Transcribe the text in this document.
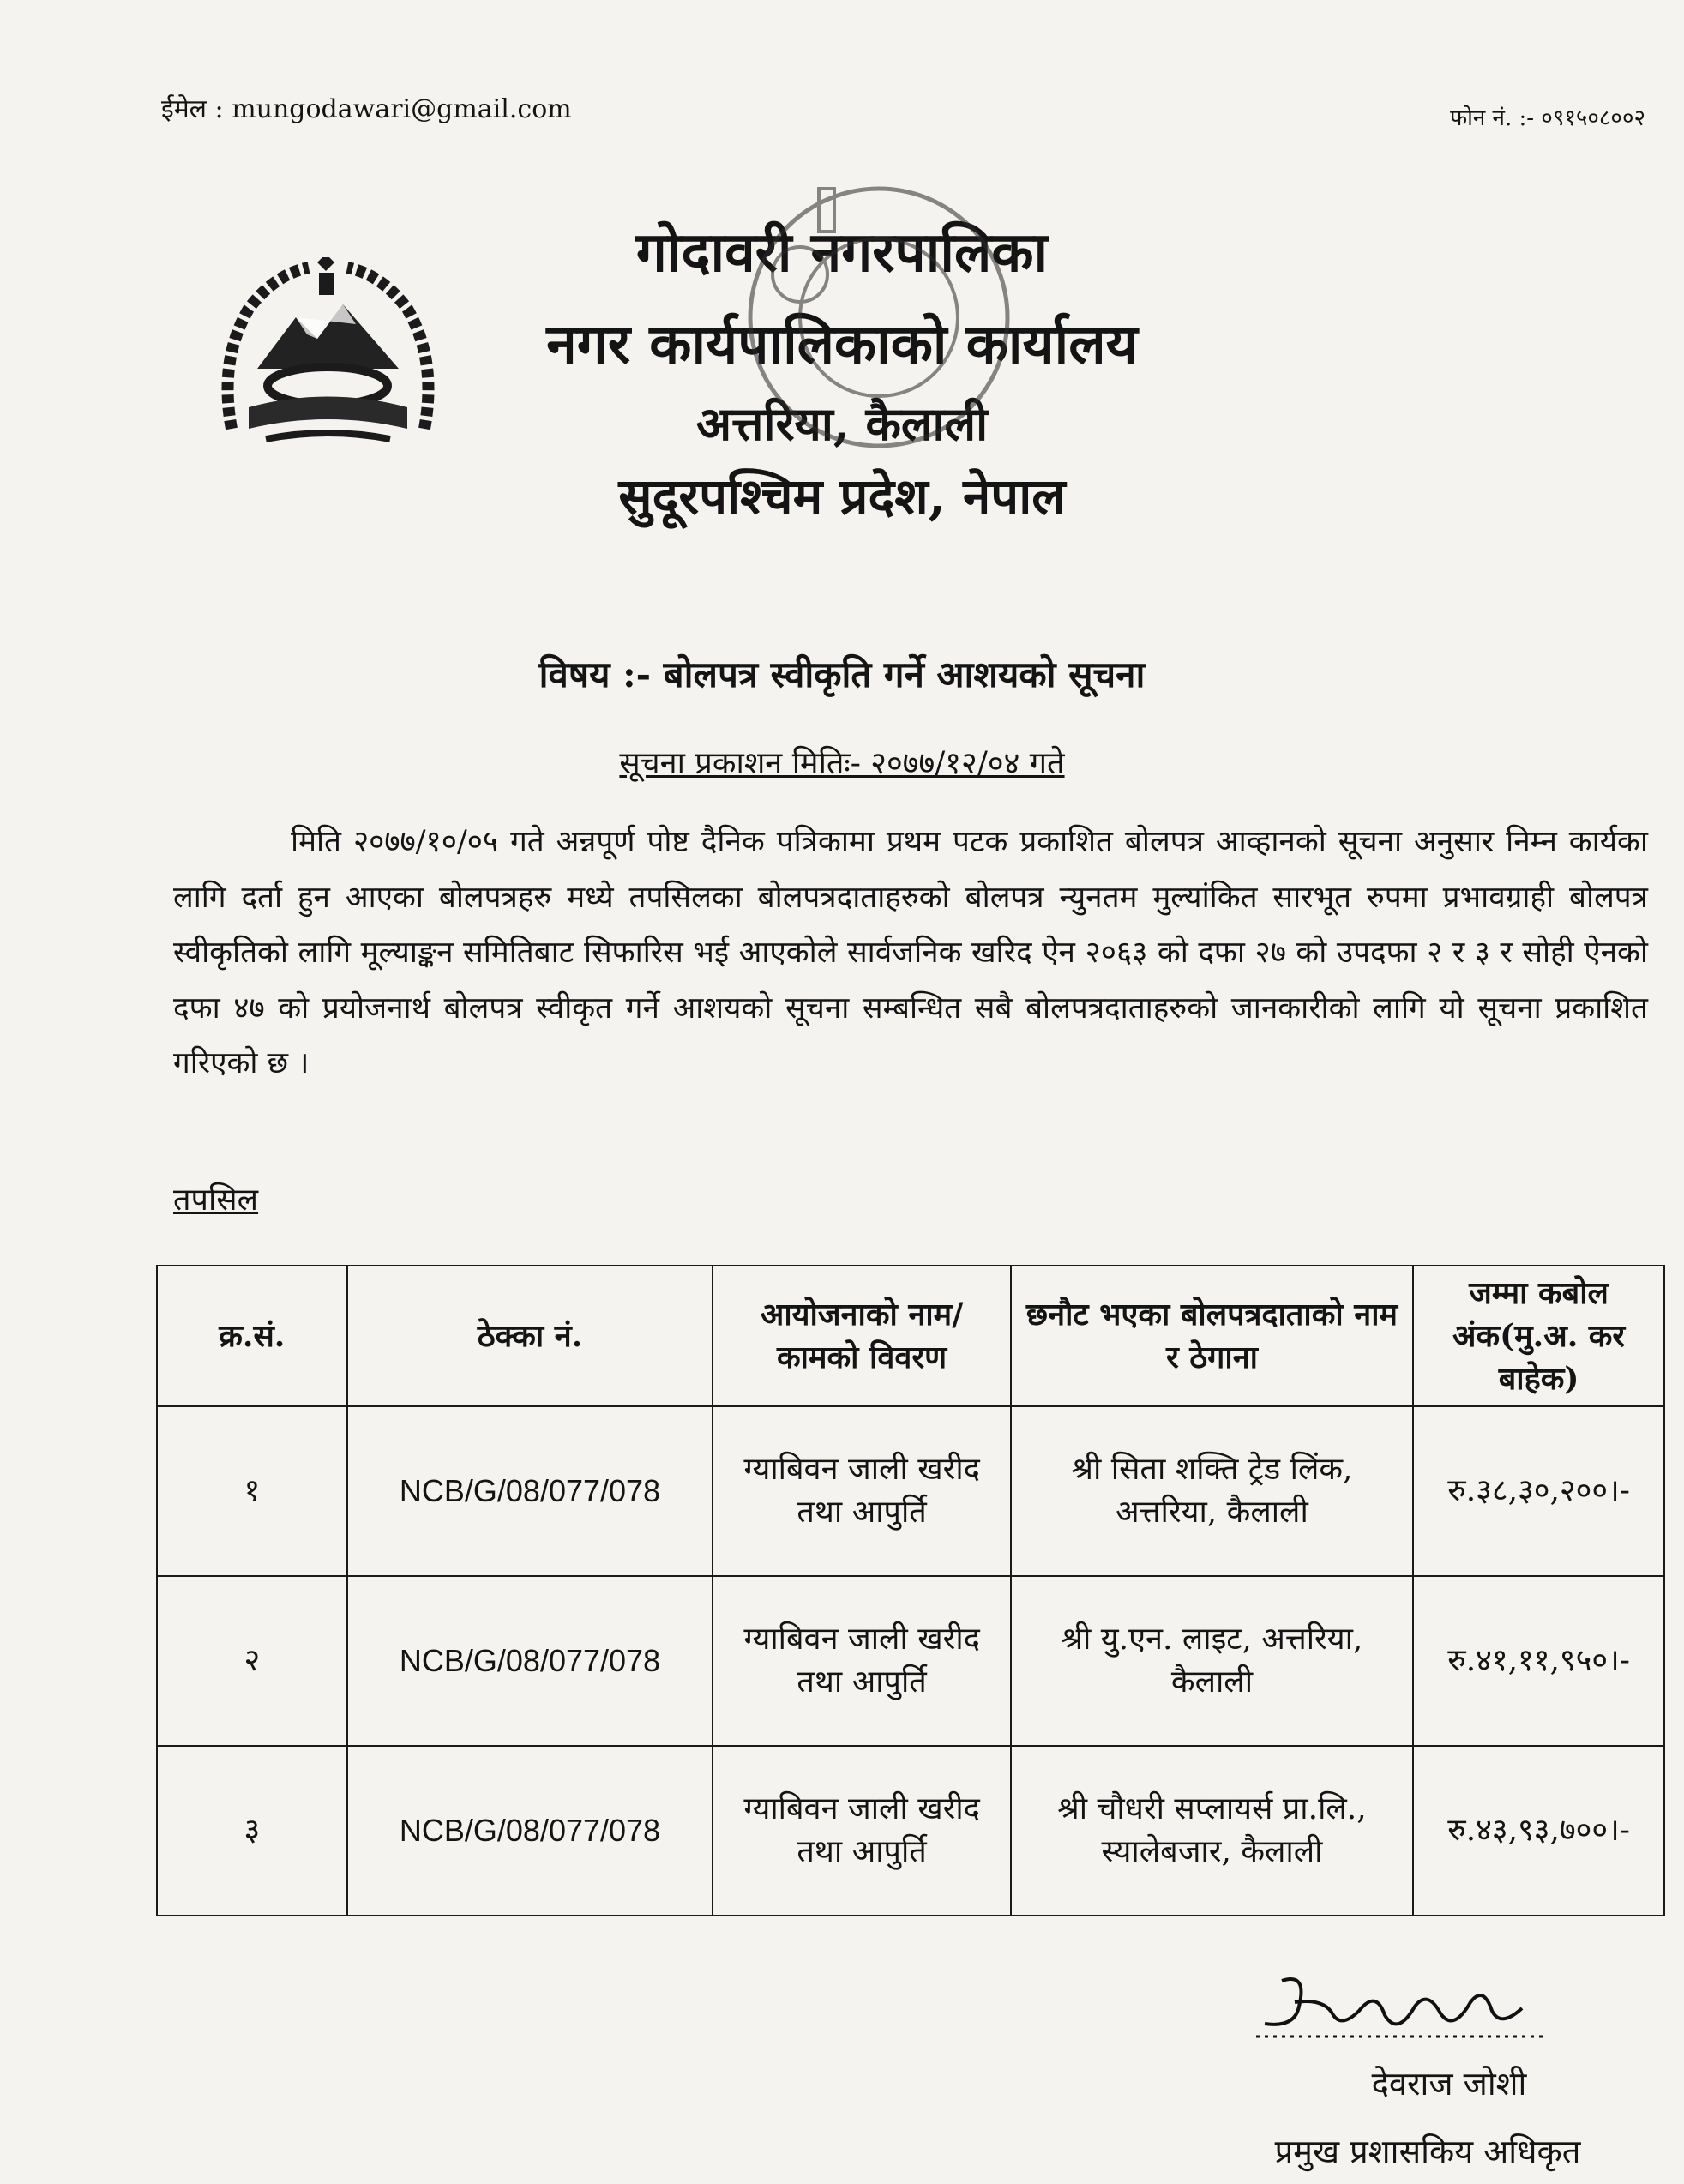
ईमेल : mungodawari@gmail.com	फोन नं. :- ०९१५०८००२
गोदावरी नगरपालिका
नगर कार्यपालिकाको कार्यालय
अत्तरिया, कैलाली
सुदूरपश्चिम प्रदेश, नेपाल
विषय :- बोलपत्र स्वीकृति गर्ने आशयको सूचना
सूचना प्रकाशन मितिः- २०७७/१२/०४ गते
मिति २०७७/१०/०५ गते अन्नपूर्ण पोष्ट दैनिक पत्रिकामा प्रथम पटक प्रकाशित बोलपत्र आव्हानको सूचना अनुसार निम्न कार्यका लागि दर्ता हुन आएका बोलपत्रहरु मध्ये तपसिलका बोलपत्रदाताहरुको बोलपत्र न्युनतम मुल्यांकित सारभूत रुपमा प्रभावग्राही बोलपत्र स्वीकृतिको लागि मूल्याङ्कन समितिबाट सिफारिस भई आएकोले सार्वजनिक खरिद ऐन २०६३ को दफा २७ को उपदफा २ र ३ र सोही ऐनको दफा ४७ को प्रयोजनार्थ बोलपत्र स्वीकृत गर्ने आशयको सूचना सम्बन्धित सबै बोलपत्रदाताहरुको जानकारीको लागि यो सूचना प्रकाशित गरिएको छ ।
तपसिल
क्र.सं.	ठेक्का नं.	आयोजनाको नाम/कामको विवरण	छनौट भएका बोलपत्रदाताको नाम र ठेगाना	जम्मा कबोल अंक(मु.अ. कर बाहेक)
१	NCB/G/08/077/078	ग्याबिवन जाली खरीद तथा आपुर्ति	श्री सिता शक्ति ट्रेड लिंक, अत्तरिया, कैलाली	रु.३८,३०,२००।-
२	NCB/G/08/077/078	ग्याबिवन जाली खरीद तथा आपुर्ति	श्री यु.एन. लाइट, अत्तरिया, कैलाली	रु.४१,११,९५०।-
३	NCB/G/08/077/078	ग्याबिवन जाली खरीद तथा आपुर्ति	श्री चौधरी सप्लायर्स प्रा.लि., स्यालेबजार, कैलाली	रु.४३,९३,७००।-
देवराज जोशी
प्रमुख प्रशासकिय अधिकृत
